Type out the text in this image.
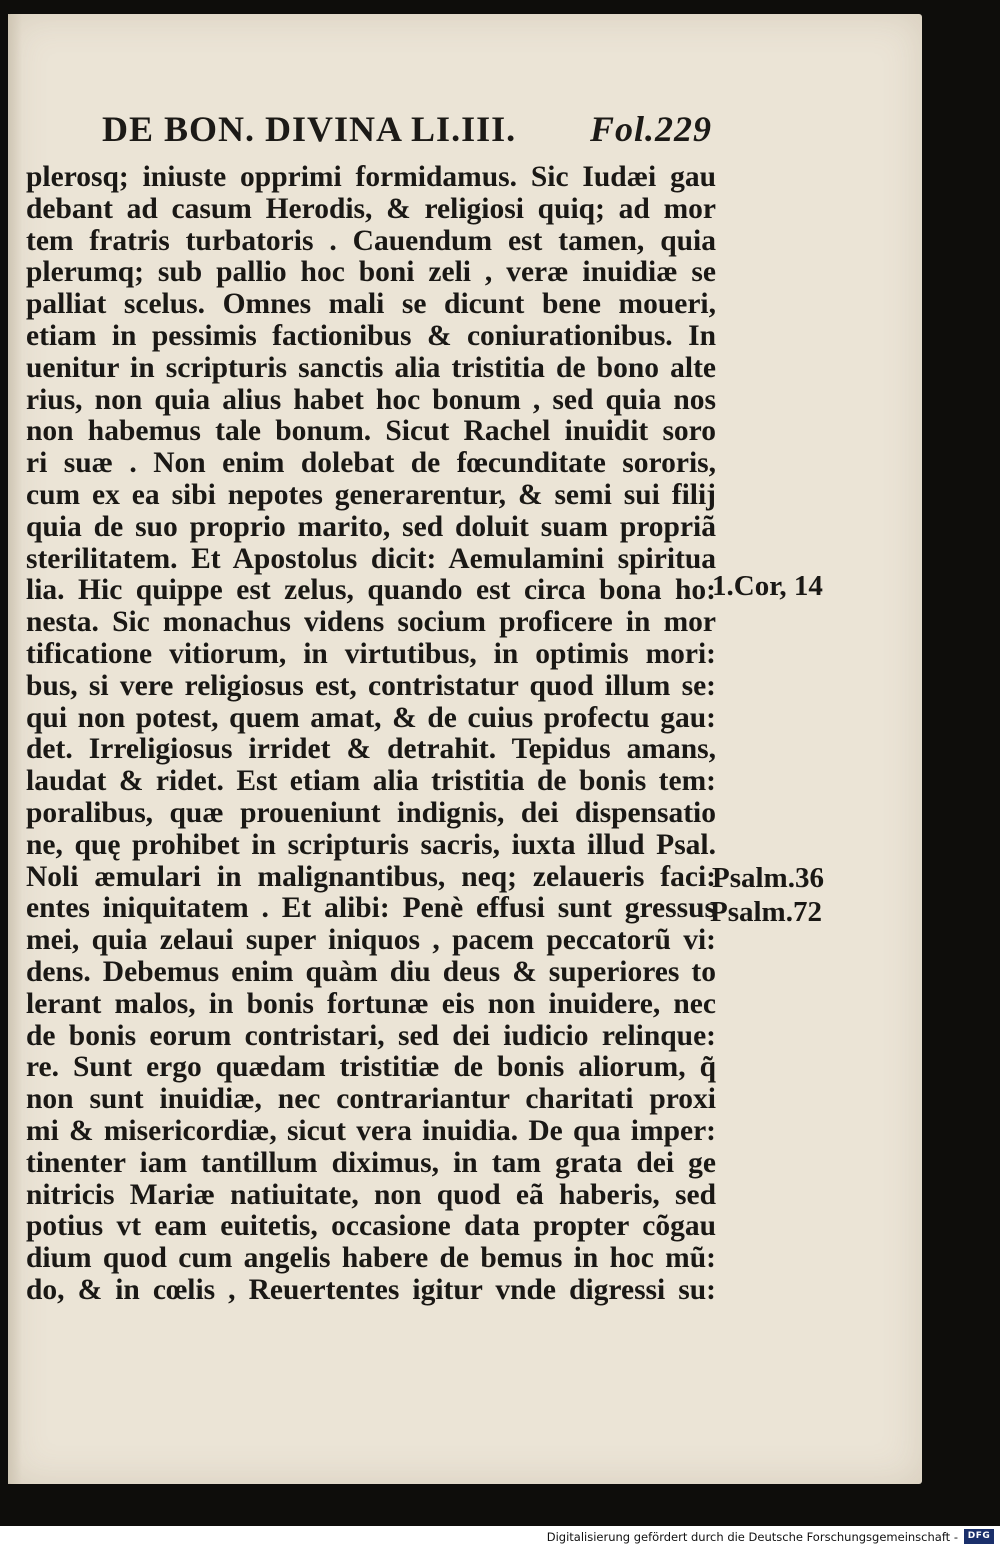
DE BON. DIVINA LI.III. Fol.229
plerosq; iniuste opprimi formidamus. Sic Iudæi gau
debant ad casum Herodis, & religiosi quiq; ad mor
tem fratris turbatoris . Cauendum est tamen, quia
plerumq; sub pallio hoc boni zeli , veræ inuidiæ se
palliat scelus. Omnes mali se dicunt bene moueri,
etiam in pessimis factionibus & coniurationibus. In
uenitur in scripturis sanctis alia tristitia de bono alte
rius, non quia alius habet hoc bonum , sed quia nos
non habemus tale bonum. Sicut Rachel inuidit soro
ri suæ . Non enim dolebat de fœcunditate sororis,
cum ex ea sibi nepotes generarentur, & semi sui filij
quia de suo proprio marito, sed doluit suam propriã
sterilitatem. Et Apostolus dicit: Aemulamini spiritua
lia. Hic quippe est zelus, quando est circa bona ho:
nesta. Sic monachus videns socium proficere in mor
tificatione vitiorum, in virtutibus, in optimis mori:
bus, si vere religiosus est, contristatur quod illum se:
qui non potest, quem amat, & de cuius profectu gau:
det. Irreligiosus irridet & detrahit. Tepidus amans,
laudat & ridet. Est etiam alia tristitia de bonis tem:
poralibus, quæ proueniunt indignis, dei dispensatio
ne, quę prohibet in scripturis sacris, iuxta illud Psal.
Noli æmulari in malignantibus, neq; zelaueris faci:
entes iniquitatem . Et alibi: Penè effusi sunt gressus
mei, quia zelaui super iniquos , pacem peccatorũ vi:
dens. Debemus enim quàm diu deus & superiores to
lerant malos, in bonis fortunæ eis non inuidere, nec
de bonis eorum contristari, sed dei iudicio relinque:
re. Sunt ergo quædam tristitiæ de bonis aliorum, q̃
non sunt inuidiæ, nec contrariantur charitati proxi
mi & misericordiæ, sicut vera inuidia. De qua imper:
tinenter iam tantillum diximus, in tam grata dei ge
nitricis Mariæ natiuitate, non quod eã haberis, sed
potius vt eam euitetis, occasione data propter cõgau
dium quod cum angelis habere de bemus in hoc mũ:
do, & in cœlis , Reuertentes igitur vnde digressi su:
1.Cor, 14
Psalm.36
Psalm.72
Digitalisierung gefördert durch die Deutsche Forschungsgemeinschaft -	DFG
